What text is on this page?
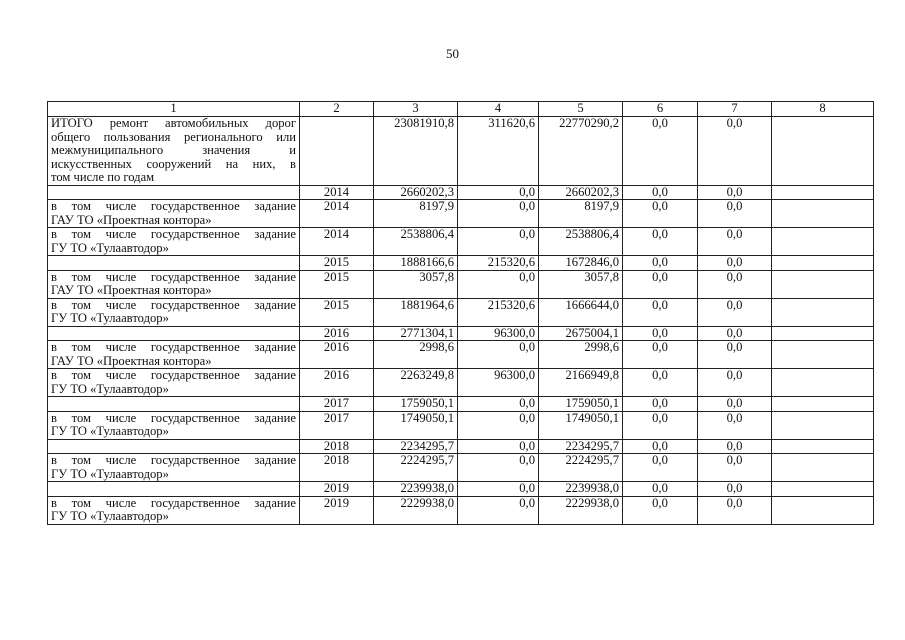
50
1	2	3	4	5	6	7	8

ИТОГО ремонт автомобильных дорог
общего пользования регионального или
межмуниципального значения и
искусственных сооружений на них, в
том числе по годам		23081910,8	311620,6	22770290,2	0,0	0,0	

	2014	2660202,3	0,0	2660202,3	0,0	0,0	

в том числе государственное задание
ГАУ ТО «Проектная контора»	2014	8197,9	0,0	8197,9	0,0	0,0	

в том числе государственное задание
ГУ ТО «Тулаавтодор»	2014	2538806,4	0,0	2538806,4	0,0	0,0	

	2015	1888166,6	215320,6	1672846,0	0,0	0,0	

в том числе государственное задание
ГАУ ТО «Проектная контора»	2015	3057,8	0,0	3057,8	0,0	0,0	

в том числе государственное задание
ГУ ТО «Тулаавтодор»	2015	1881964,6	215320,6	1666644,0	0,0	0,0	

	2016	2771304,1	96300,0	2675004,1	0,0	0,0	

в том числе государственное задание
ГАУ ТО «Проектная контора»	2016	2998,6	0,0	2998,6	0,0	0,0	

в том числе государственное задание
ГУ ТО «Тулаавтодор»	2016	2263249,8	96300,0	2166949,8	0,0	0,0	

	2017	1759050,1	0,0	1759050,1	0,0	0,0	

в том числе государственное задание
ГУ ТО «Тулаавтодор»	2017	1749050,1	0,0	1749050,1	0,0	0,0	

	2018	2234295,7	0,0	2234295,7	0,0	0,0	

в том числе государственное задание
ГУ ТО «Тулаавтодор»	2018	2224295,7	0,0	2224295,7	0,0	0,0	

	2019	2239938,0	0,0	2239938,0	0,0	0,0	

в том числе государственное задание
ГУ ТО «Тулаавтодор»	2019	2229938,0	0,0	2229938,0	0,0	0,0	
